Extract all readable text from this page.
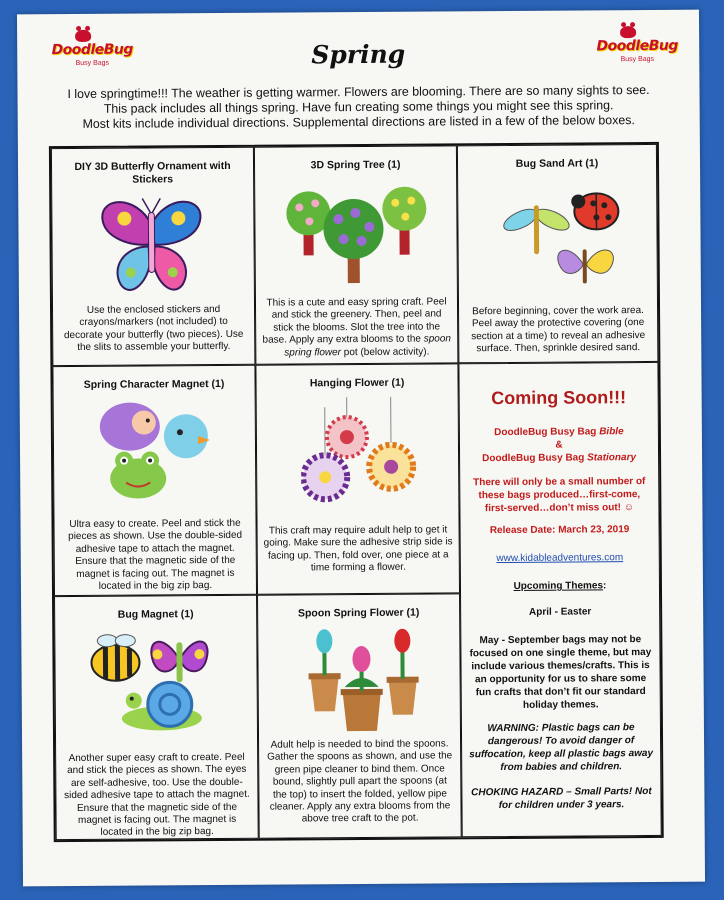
DoodleBug
Busy Bags
DoodleBug
Busy Bags
Spring
I love springtime!!! The weather is getting warmer. Flowers are blooming. There are so many sights to see.
This pack includes all things spring. Have fun creating some things you might see this spring.
Most kits include individual directions. Supplemental directions are listed in a few of the below boxes.
DIY 3D Butterfly Ornament with Stickers
Use the enclosed stickers and crayons/markers (not included) to decorate your butterfly (two pieces). Use the slits to assemble your butterfly.
3D Spring Tree (1)
This is a cute and easy spring craft. Peel and stick the greenery. Then, peel and stick the blooms. Slot the tree into the base. Apply any extra blooms to the spoon spring flower pot (below activity).
Bug Sand Art (1)
Before beginning, cover the work area. Peel away the protective covering (one section at a time) to reveal an adhesive surface. Then, sprinkle desired sand.
Spring Character Magnet (1)
Ultra easy to create. Peel and stick the pieces as shown. Use the double-sided adhesive tape to attach the magnet. Ensure that the magnetic side of the magnet is facing out. The magnet is located in the big zip bag.
Hanging Flower (1)
This craft may require adult help to get it going. Make sure the adhesive strip side is facing up. Then, fold over, one piece at a time forming a flower.
Coming Soon!!!
DoodleBug Busy Bag Bible
&
DoodleBug Busy Bag Stationary
There will only be a small number of these bags produced…first-come, first-served…don’t miss out! ☺
Release Date: March 23, 2019
www.kidableadventures.com
Upcoming Themes:
April - Easter
May - September bags may not be focused on one single theme, but may include various themes/crafts. This is an opportunity for us to share some fun crafts that don’t fit our standard holiday themes.
WARNING: Plastic bags can be dangerous! To avoid danger of suffocation, keep all plastic bags away from babies and children.
CHOKING HAZARD – Small Parts! Not for children under 3 years.
Bug Magnet (1)
Another super easy craft to create. Peel and stick the pieces as shown. The eyes are self-adhesive, too. Use the double-sided adhesive tape to attach the magnet. Ensure that the magnetic side of the magnet is facing out. The magnet is located in the big zip bag.
Spoon Spring Flower (1)
Adult help is needed to bind the spoons. Gather the spoons as shown, and use the green pipe cleaner to bind them. Once bound, slightly pull apart the spoons (at the top) to insert the folded, yellow pipe cleaner. Apply any extra blooms from the above tree craft to the pot.
